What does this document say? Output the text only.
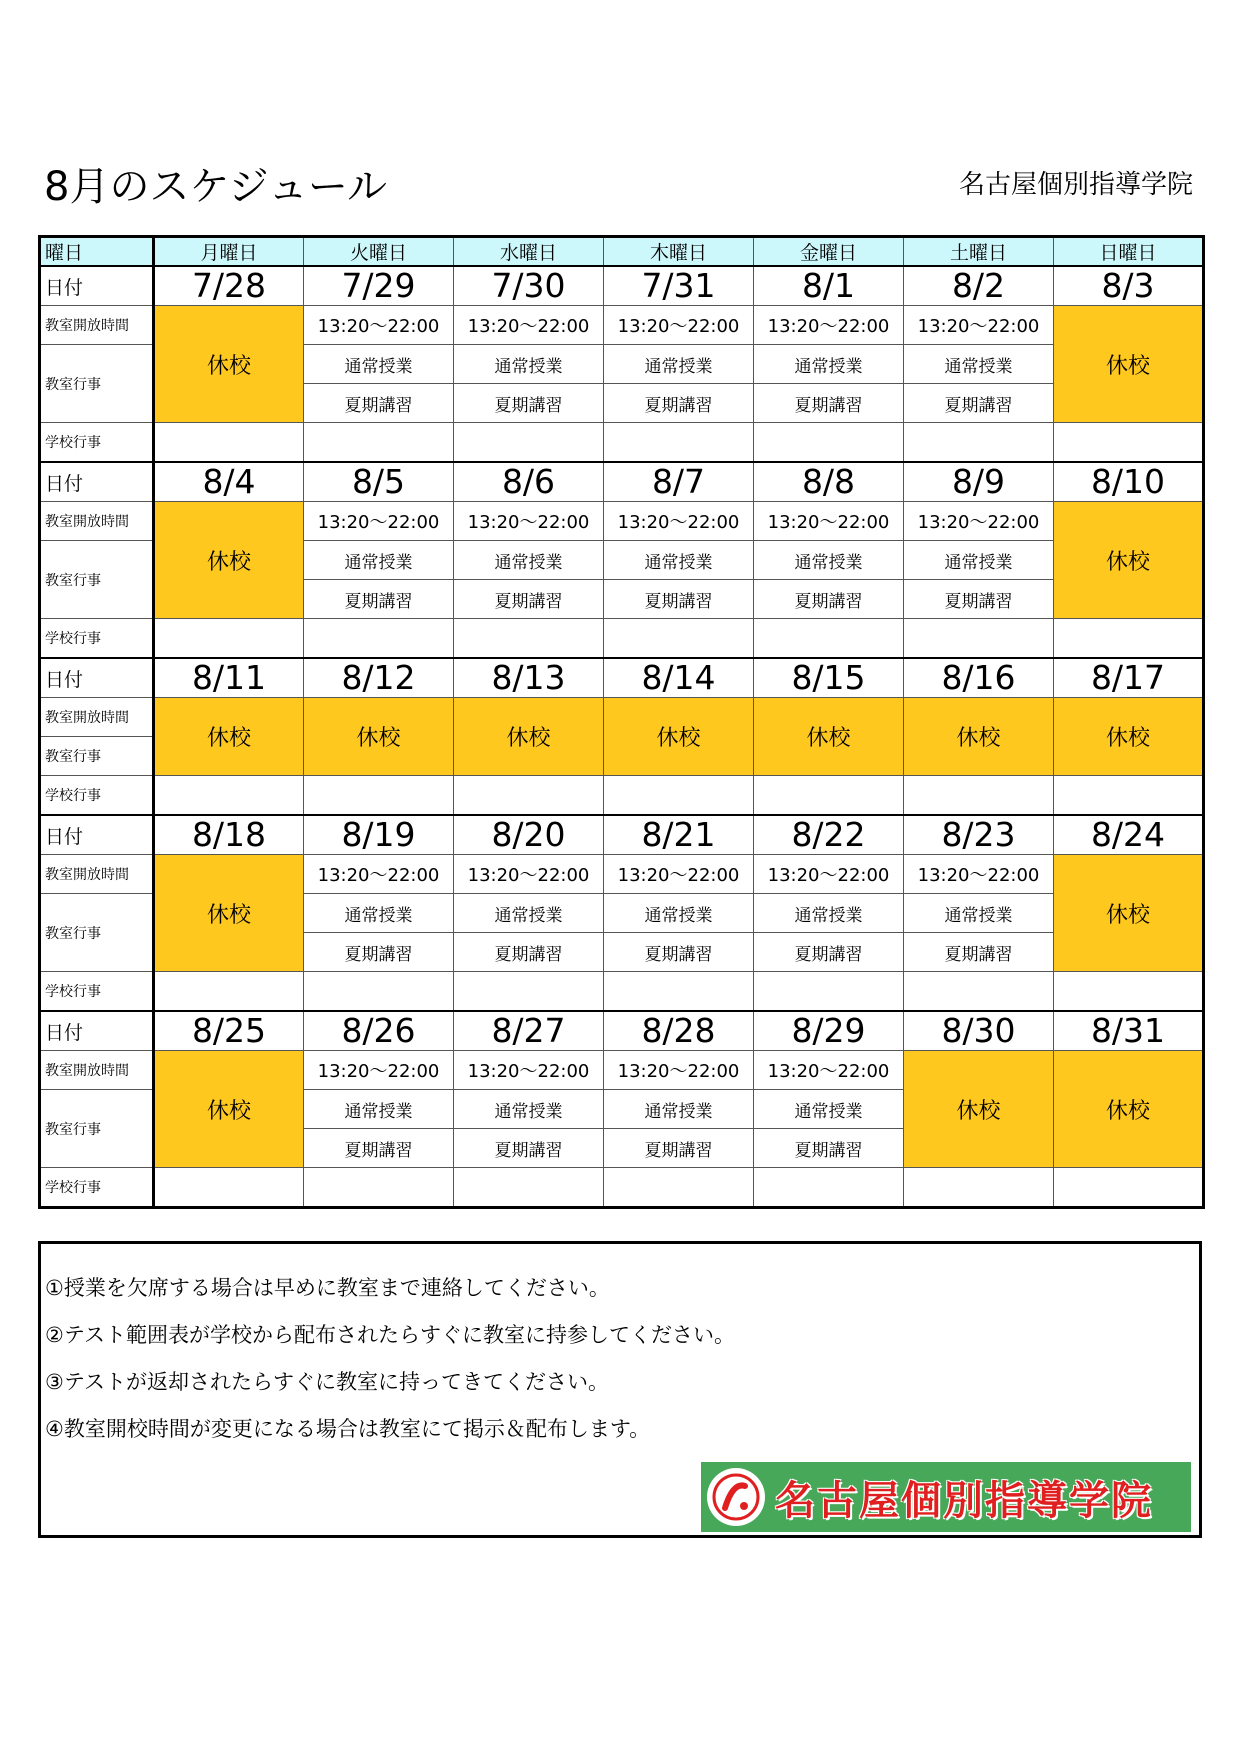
8月のスケジュール	名古屋個別指導学院
曜日	月曜日	火曜日	水曜日	木曜日	金曜日	土曜日	日曜日
日付	7/28	7/29	7/30	7/31	8/1	8/2	8/3
教室開放時間	休校	13:20～22:00	13:20～22:00	13:20～22:00	13:20～22:00	13:20～22:00	休校
教室行事		通常授業	通常授業	通常授業	通常授業	通常授業	
		夏期講習	夏期講習	夏期講習	夏期講習	夏期講習	
学校行事							
日付	8/4	8/5	8/6	8/7	8/8	8/9	8/10
教室開放時間	休校	13:20～22:00	13:20～22:00	13:20～22:00	13:20～22:00	13:20～22:00	休校
教室行事		通常授業	通常授業	通常授業	通常授業	通常授業	
		夏期講習	夏期講習	夏期講習	夏期講習	夏期講習	
学校行事							
日付	8/11	8/12	8/13	8/14	8/15	8/16	8/17
教室開放時間	休校	休校	休校	休校	休校	休校	休校
教室行事							

学校行事							
日付	8/18	8/19	8/20	8/21	8/22	8/23	8/24
教室開放時間	休校	13:20～22:00	13:20～22:00	13:20～22:00	13:20～22:00	13:20～22:00	休校
教室行事		通常授業	通常授業	通常授業	通常授業	通常授業	
		夏期講習	夏期講習	夏期講習	夏期講習	夏期講習	
学校行事							
日付	8/25	8/26	8/27	8/28	8/29	8/30	8/31
教室開放時間	休校	13:20～22:00	13:20～22:00	13:20～22:00	13:20～22:00	休校	休校
教室行事		通常授業	通常授業	通常授業	通常授業		
		夏期講習	夏期講習	夏期講習	夏期講習		
学校行事							
①授業を欠席する場合は早めに教室まで連絡してください。
②テスト範囲表が学校から配布されたらすぐに教室に持参してください。
③テストが返却されたらすぐに教室に持ってきてください。
④教室開校時間が変更になる場合は教室にて掲示＆配布します。
名古屋個別指導学院
